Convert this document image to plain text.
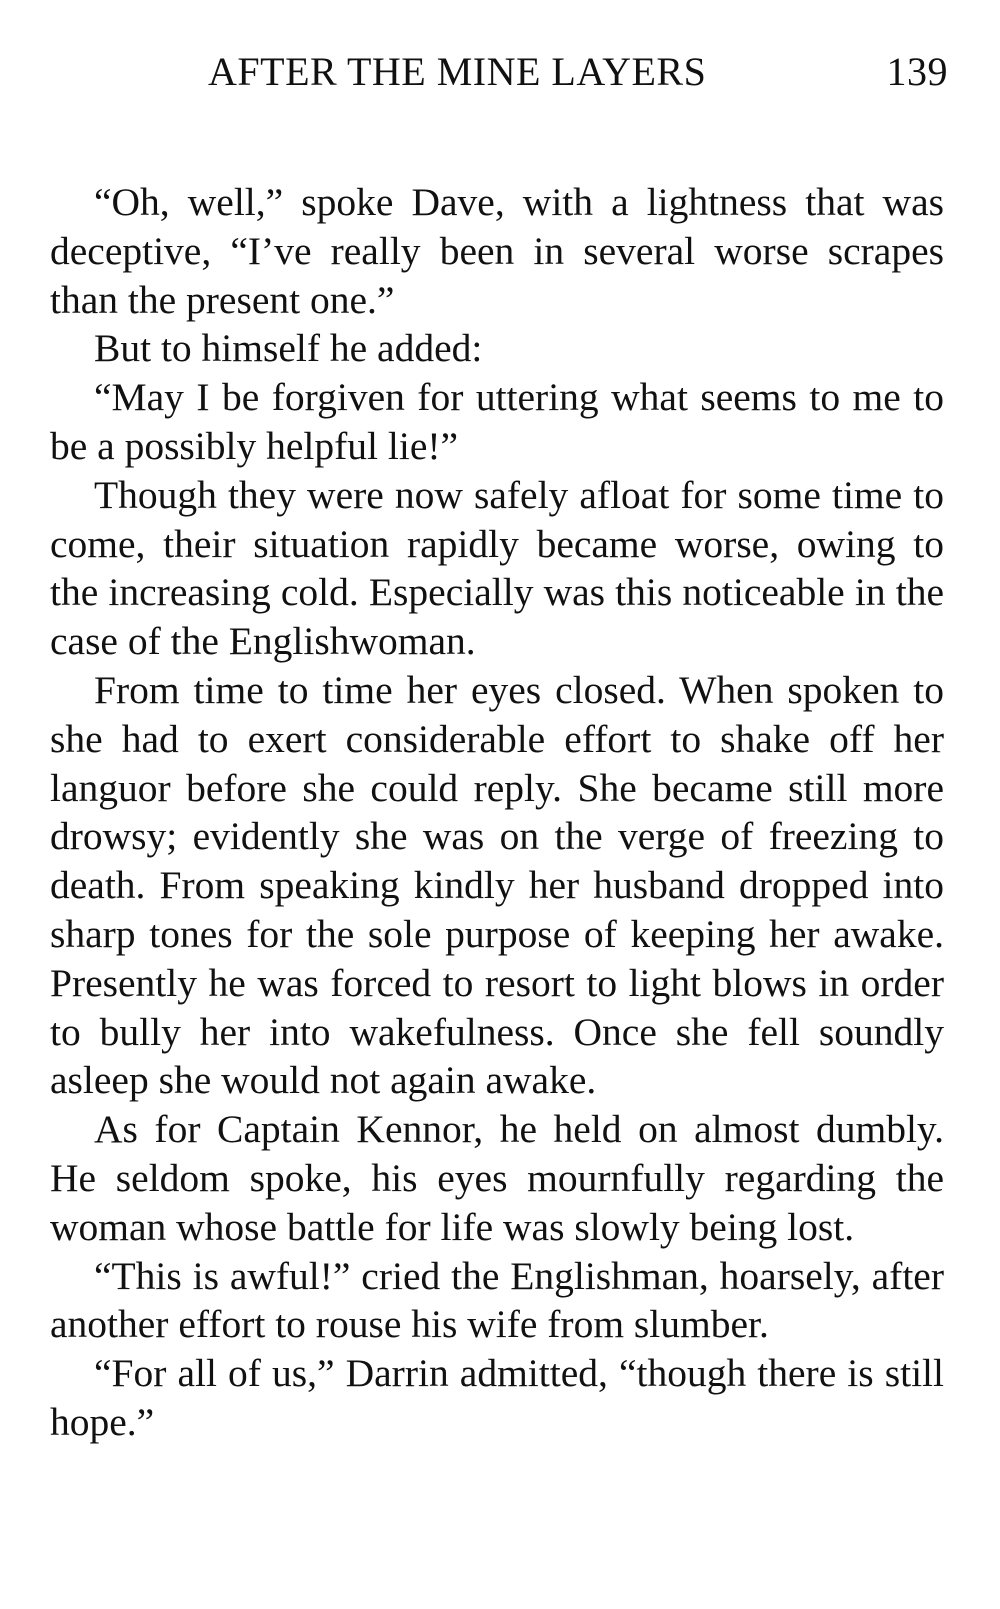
AFTER THE MINE LAYERS	139

“Oh, well,” spoke Dave, with a lightness that was deceptive, “I’ve really been in several worse scrapes than the present one.”

But to himself he added:

“May I be forgiven for uttering what seems to me to be a possibly helpful lie!”

Though they were now safely afloat for some time to come, their situation rapidly became worse, owing to the increasing cold. Especially was this noticeable in the case of the Englishwoman.

From time to time her eyes closed. When spoken to she had to exert considerable effort to shake off her languor before she could reply. She became still more drowsy; evidently she was on the verge of freezing to death. From speaking kindly her husband dropped into sharp tones for the sole purpose of keeping her awake. Presently he was forced to resort to light blows in order to bully her into wakefulness. Once she fell soundly asleep she would not again awake.

As for Captain Kennor, he held on almost dumbly. He seldom spoke, his eyes mournfully regarding the woman whose battle for life was slowly being lost.

“This is awful!” cried the Englishman, hoarsely, after another effort to rouse his wife from slumber.

“For all of us,” Darrin admitted, “though there is still hope.”
